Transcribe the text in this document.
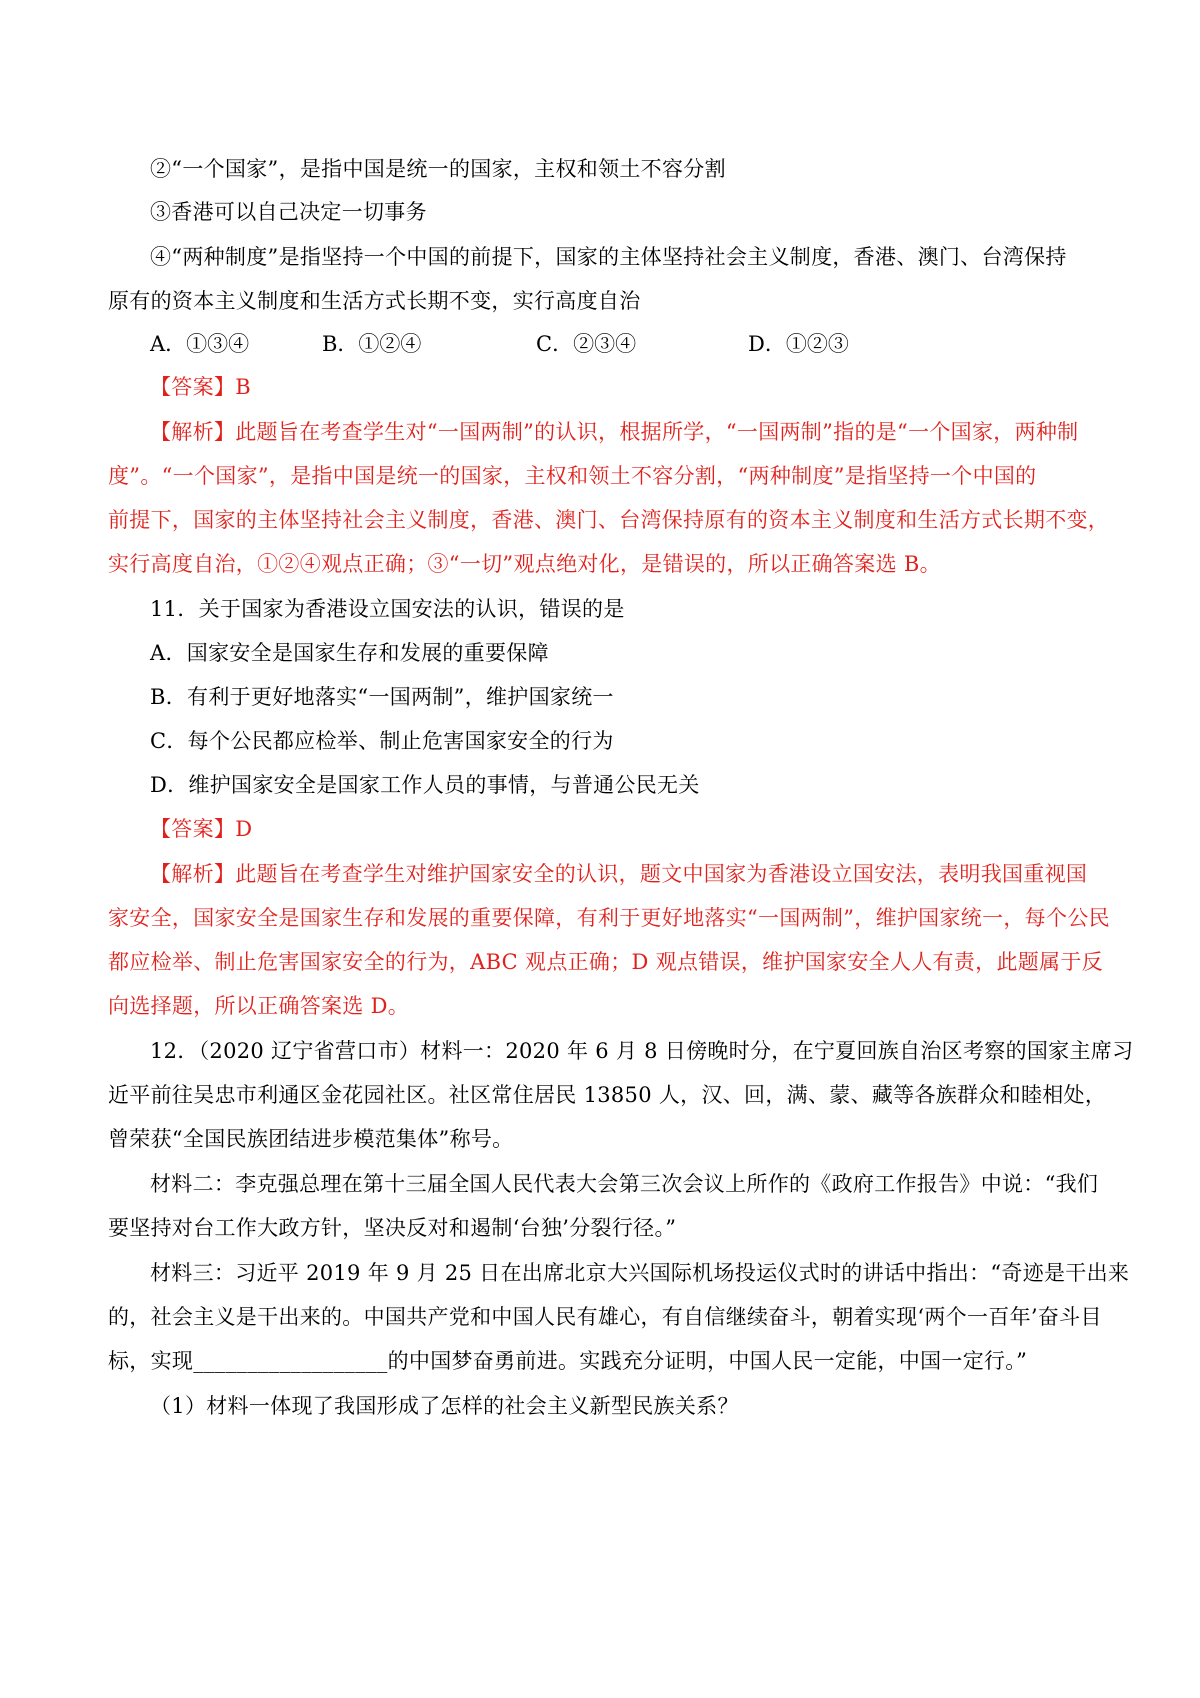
②“一个国家”，是指中国是统一的国家，主权和领土不容分割
③香港可以自己决定一切事务
④“两种制度”是指坚持一个中国的前提下，国家的主体坚持社会主义制度，香港、澳门、台湾保持
原有的资本主义制度和生活方式长期不变，实行高度自治
A．①③④	B．①②④	C．②③④	D．①②③
【答案】B
【解析】此题旨在考查学生对“一国两制”的认识，根据所学，“一国两制”指的是“一个国家，两种制
度”。“一个国家”，是指中国是统一的国家，主权和领土不容分割，“两种制度”是指坚持一个中国的
前提下，国家的主体坚持社会主义制度，香港、澳门、台湾保持原有的资本主义制度和生活方式长期不变，
实行高度自治，①②④观点正确；③“一切”观点绝对化，是错误的，所以正确答案选 B。
11．关于国家为香港设立国安法的认识，错误的是
A．国家安全是国家生存和发展的重要保障
B．有利于更好地落实“一国两制”，维护国家统一
C．每个公民都应检举、制止危害国家安全的行为
D．维护国家安全是国家工作人员的事情，与普通公民无关
【答案】D
【解析】此题旨在考查学生对维护国家安全的认识，题文中国家为香港设立国安法，表明我国重视国
家安全，国家安全是国家生存和发展的重要保障，有利于更好地落实“一国两制”，维护国家统一，每个公民
都应检举、制止危害国家安全的行为，ABC 观点正确；D 观点错误，维护国家安全人人有责，此题属于反
向选择题，所以正确答案选 D。
12．（2020 辽宁省营口市）材料一：2020 年 6 月 8 日傍晚时分，在宁夏回族自治区考察的国家主席习
近平前往吴忠市利通区金花园社区。社区常住居民 13850 人，汉、回，满、蒙、藏等各族群众和睦相处，
曾荣获“全国民族团结进步模范集体”称号。
材料二：李克强总理在第十三届全国人民代表大会第三次会议上所作的《政府工作报告》中说：“我们
要坚持对台工作大政方针，坚决反对和遏制‘台独’分裂行径。”
材料三：习近平 2019 年 9 月 25 日在出席北京大兴国际机场投运仪式时的讲话中指出：“奇迹是干出来
的，社会主义是干出来的。中国共产党和中国人民有雄心，有自信继续奋斗，朝着实现‘两个一百年’奋斗目
标，实现__________________的中国梦奋勇前进。实践充分证明，中国人民一定能，中国一定行。”
（1）材料一体现了我国形成了怎样的社会主义新型民族关系？
